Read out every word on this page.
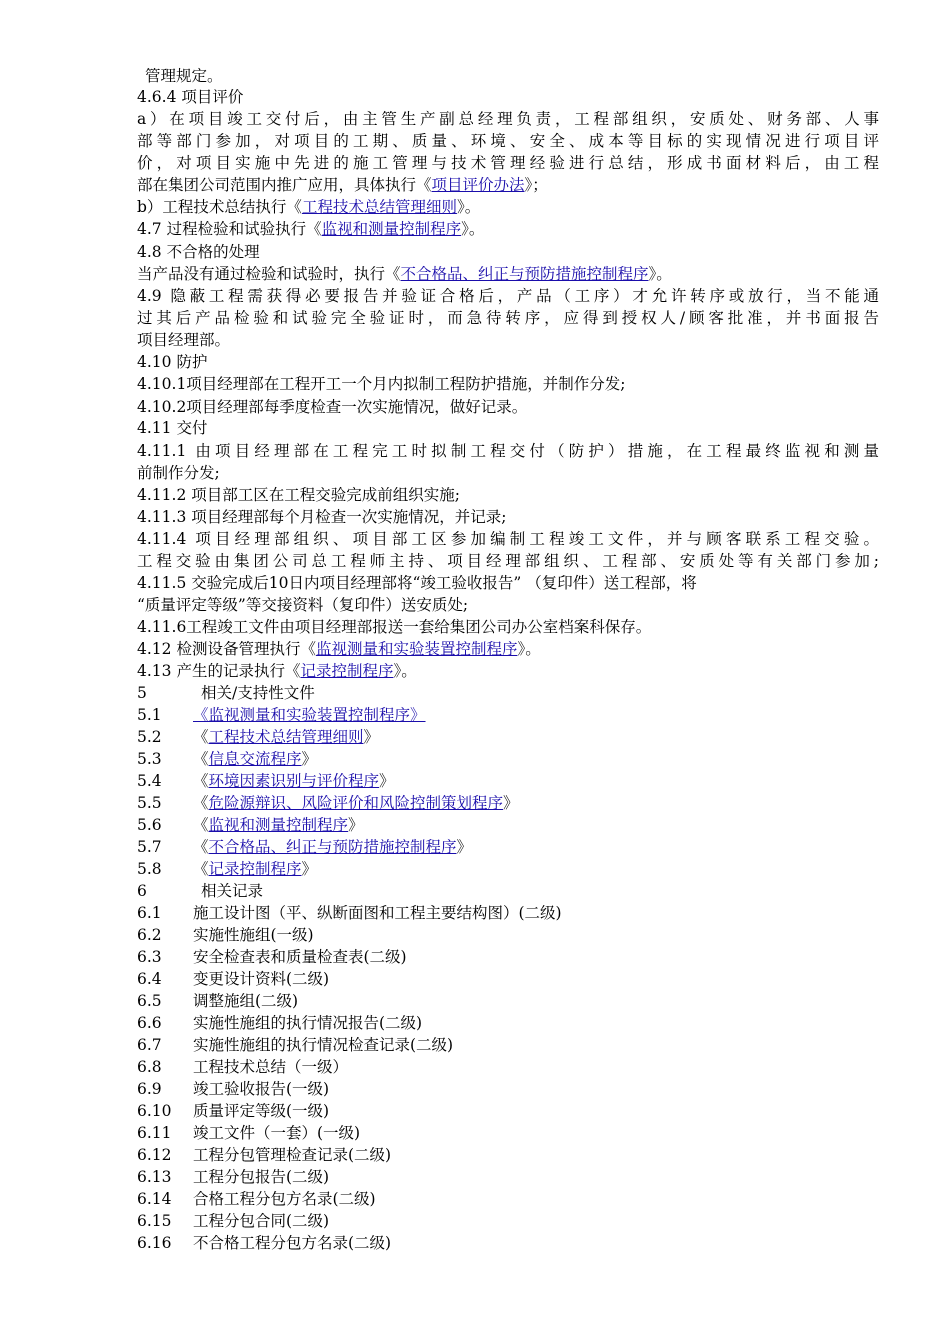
管理规定。
4.6.4 项目评价
a）在项目竣工交付后，由主管生产副总经理负责，工程部组织，安质处、财务部、人事
部等部门参加，对项目的工期、质量、环境、安全、成本等目标的实现情况进行项目评
价，对项目实施中先进的施工管理与技术管理经验进行总结，形成书面材料后，由工程
部在集团公司范围内推广应用，具体执行《项目评价办法》；
b）工程技术总结执行《工程技术总结管理细则》。
4.7 过程检验和试验执行《监视和测量控制程序》。
4.8 不合格的处理
当产品没有通过检验和试验时，执行《不合格品、纠正与预防措施控制程序》。
4.9 隐蔽工程需获得必要报告并验证合格后，产品（工序）才允许转序或放行，当不能通
过其后产品检验和试验完全验证时，而急待转序，应得到授权人/顾客批准，并书面报告
项目经理部。
4.10 防护
4.10.1项目经理部在工程开工一个月内拟制工程防护措施，并制作分发;
4.10.2项目经理部每季度检查一次实施情况，做好记录。
4.11 交付
4.11.1 由项目经理部在工程完工时拟制工程交付（防护）措施，在工程最终监视和测量
前制作分发;
4.11.2 项目部工区在工程交验完成前组织实施;
4.11.3 项目经理部每个月检查一次实施情况，并记录;
4.11.4 项目经理部组织、项目部工区参加编制工程竣工文件，并与顾客联系工程交验。
工程交验由集团公司总工程师主持、项目经理部组织、工程部、安质处等有关部门参加;
4.11.5 交验完成后10日内项目经理部将“竣工验收报告” （复印件）送工程部，将
“质量评定等级”等交接资料（复印件）送安质处;
4.11.6工程竣工文件由项目经理部报送一套给集团公司办公室档案科保存。
4.12 检测设备管理执行《监视测量和实验装置控制程序》。
4.13 产生的记录执行《记录控制程序》。
5	相关/支持性文件
5.1 《监视测量和实验装置控制程序》
5.2 《工程技术总结管理细则》
5.3 《信息交流程序》
5.4 《环境因素识别与评价程序》
5.5 《危险源辩识、风险评价和风险控制策划程序》
5.6 《监视和测量控制程序》
5.7 《不合格品、纠正与预防措施控制程序》
5.8 《记录控制程序》
6	相关记录
6.1 施工设计图（平、纵断面图和工程主要结构图）(二级)
6.2 实施性施组(一级)
6.3 安全检查表和质量检查表(二级)
6.4 变更设计资料(二级)
6.5 调整施组(二级)
6.6 实施性施组的执行情况报告(二级)
6.7 实施性施组的执行情况检查记录(二级)
6.8 工程技术总结（一级）
6.9 竣工验收报告(一级)
6.10 质量评定等级(一级)
6.11 竣工文件（一套）(一级)
6.12 工程分包管理检查记录(二级)
6.13 工程分包报告(二级)
6.14 合格工程分包方名录(二级)
6.15 工程分包合同(二级)
6.16 不合格工程分包方名录(二级)
